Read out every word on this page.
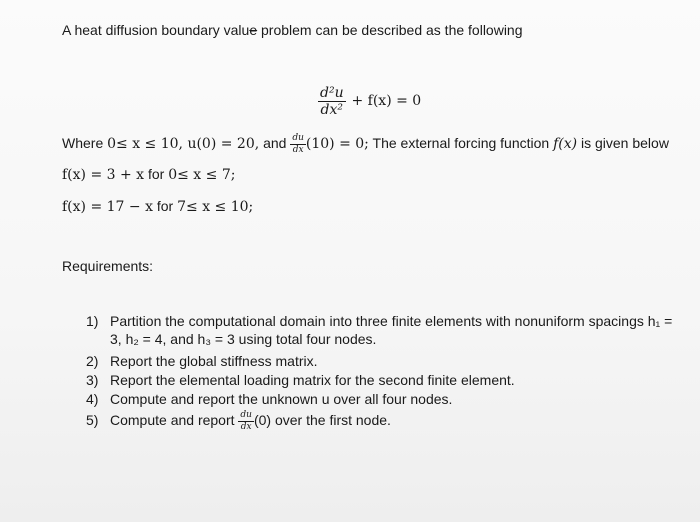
A heat diffusion boundary value problem can be described as the following
$\frac{\text{d²u}}{\text{dx²}} + f(x) = 0$
Where 0≤ x ≤ 10, u(0) = 20, and $\frac{du}{dx} (10) = 0$; The external forcing function f(x) is given below
f(x) = 3 + x for 0≤ x ≤ 7;
f(x) = 17 − x for 7≤ x ≤ 10;
Requirements:
1) Partition the computational domain into three finite elements with nonuniform spacings h₁ = 3, h₂ = 4, and h₃ = 3 using total four nodes.
2) Report the global stiffness matrix.
3) Report the elemental loading matrix for the second finite element.
4) Compute and report the unknown u over all four nodes.
5) Compute and report $\frac{du}{dx} (0)$ over the first node.
